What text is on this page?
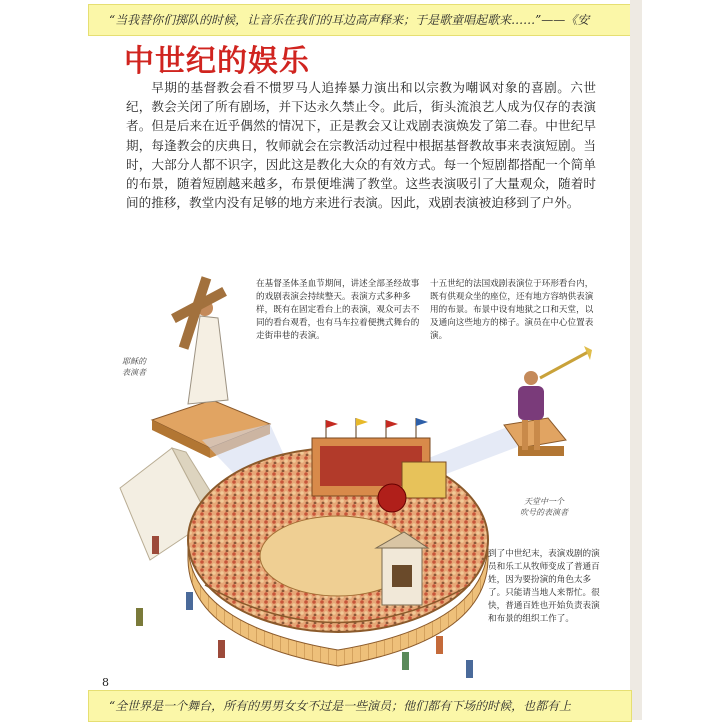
“当我替你们掷队的时候，让音乐在我们的耳边高声释来；于是歌童唱起歌来……”——《安
中世纪的娱乐

早期的基督教会看不惯罗马人追捧暴力演出和以宗教为嘲讽对象的喜剧。六世纪，教会关闭了所有剧场，并下达永久禁止令。此后，街头流浪艺人成为仅存的表演者。但是后来在近乎偶然的情况下，正是教会又让戏剧表演焕发了第二春。中世纪早期，每逢教会的庆典日，牧师就会在宗教活动过程中根据基督教故事来表演短剧。当时，大部分人都不识字，因此这是教化大众的有效方式。每一个短剧都搭配一个简单的布景，随着短剧越来越多，布景便堆满了教堂。这些表演吸引了大量观众，随着时间的推移，教堂内没有足够的地方来进行表演。因此，戏剧表演被迫移到了户外。

在基督圣体圣血节期间，讲述全部圣经故事的戏剧表演会持续整天。表演方式多种多样，既有在固定看台上的表演，观众可去不同的看台观看，也有马车拉着便携式舞台的走街串巷的表演。

十五世纪的法国戏剧表演位于环形看台内，既有供观众坐的座位，还有地方容纳供表演用的布景。布景中设有地狱之口和天堂，以及通向这些地方的梯子。演员在中心位置表演。

到了中世纪末，表演戏剧的演员和乐工从牧师变成了普通百姓，因为要扮演的角色太多了。只能请当地人来帮忙。很快，普通百姓也开始负责表演和布景的组织工作了。

耶稣的
表演者

天堂中一个
吹号的表演者

8
“全世界是一个舞台，所有的男男女女不过是一些演员；他们都有下场的时候，也都有上
